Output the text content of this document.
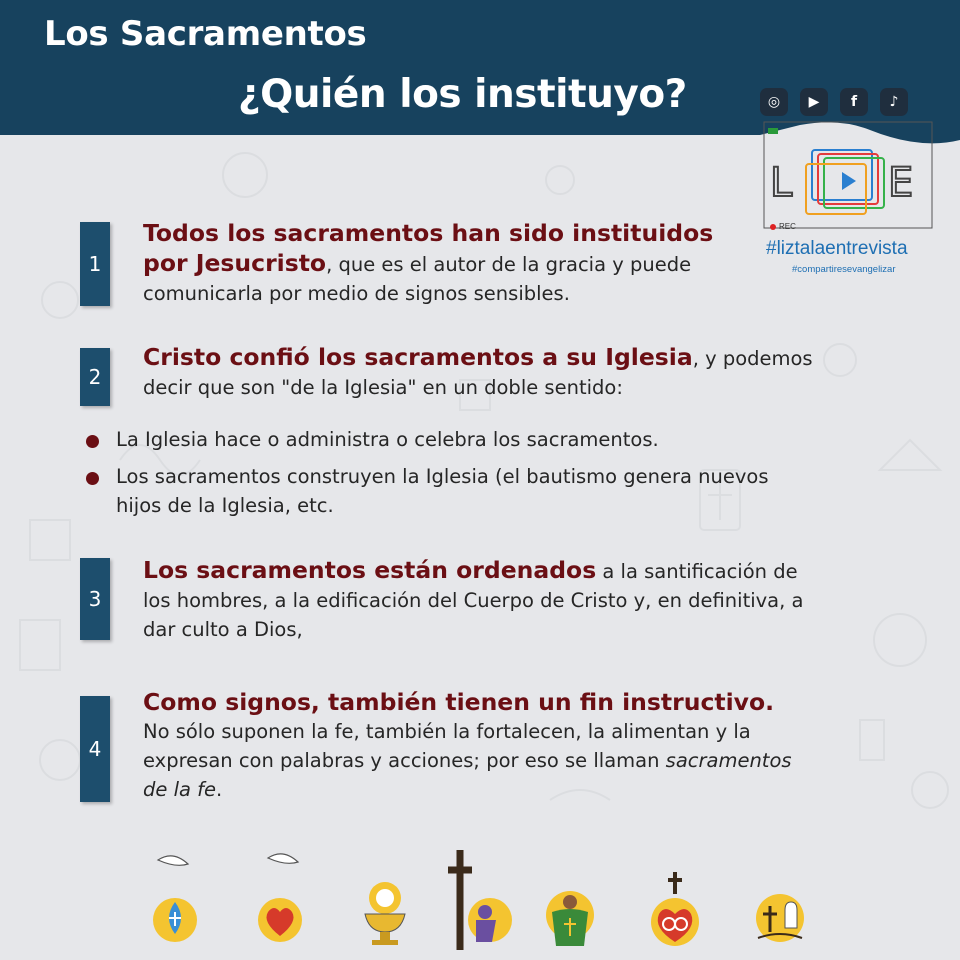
Los Sacramentos
¿Quién los instituyo?	◎	▶	f	♪
L E
REC
#liztalaentrevista
#compartiresevangelizar
1
Todos los sacramentos han sido instituidos por Jesucristo, que es el autor de la gracia y puede comunicarla por medio de signos sensibles.
2
Cristo confió los sacramentos a su Iglesia, y podemos decir que son "de la Iglesia" en un doble sentido:
La Iglesia hace o administra o celebra los sacramentos.
Los sacramentos construyen la Iglesia (el bautismo genera nuevos hijos de la Iglesia, etc.
3
Los sacramentos están ordenados a la santificación de los hombres, a la edificación del Cuerpo de Cristo y, en definitiva, a dar culto a Dios,
4
Como signos, también tienen un fin instructivo.
No sólo suponen la fe, también la fortalecen, la alimentan y la expresan con palabras y acciones; por eso se llaman sacramentos de la fe.
